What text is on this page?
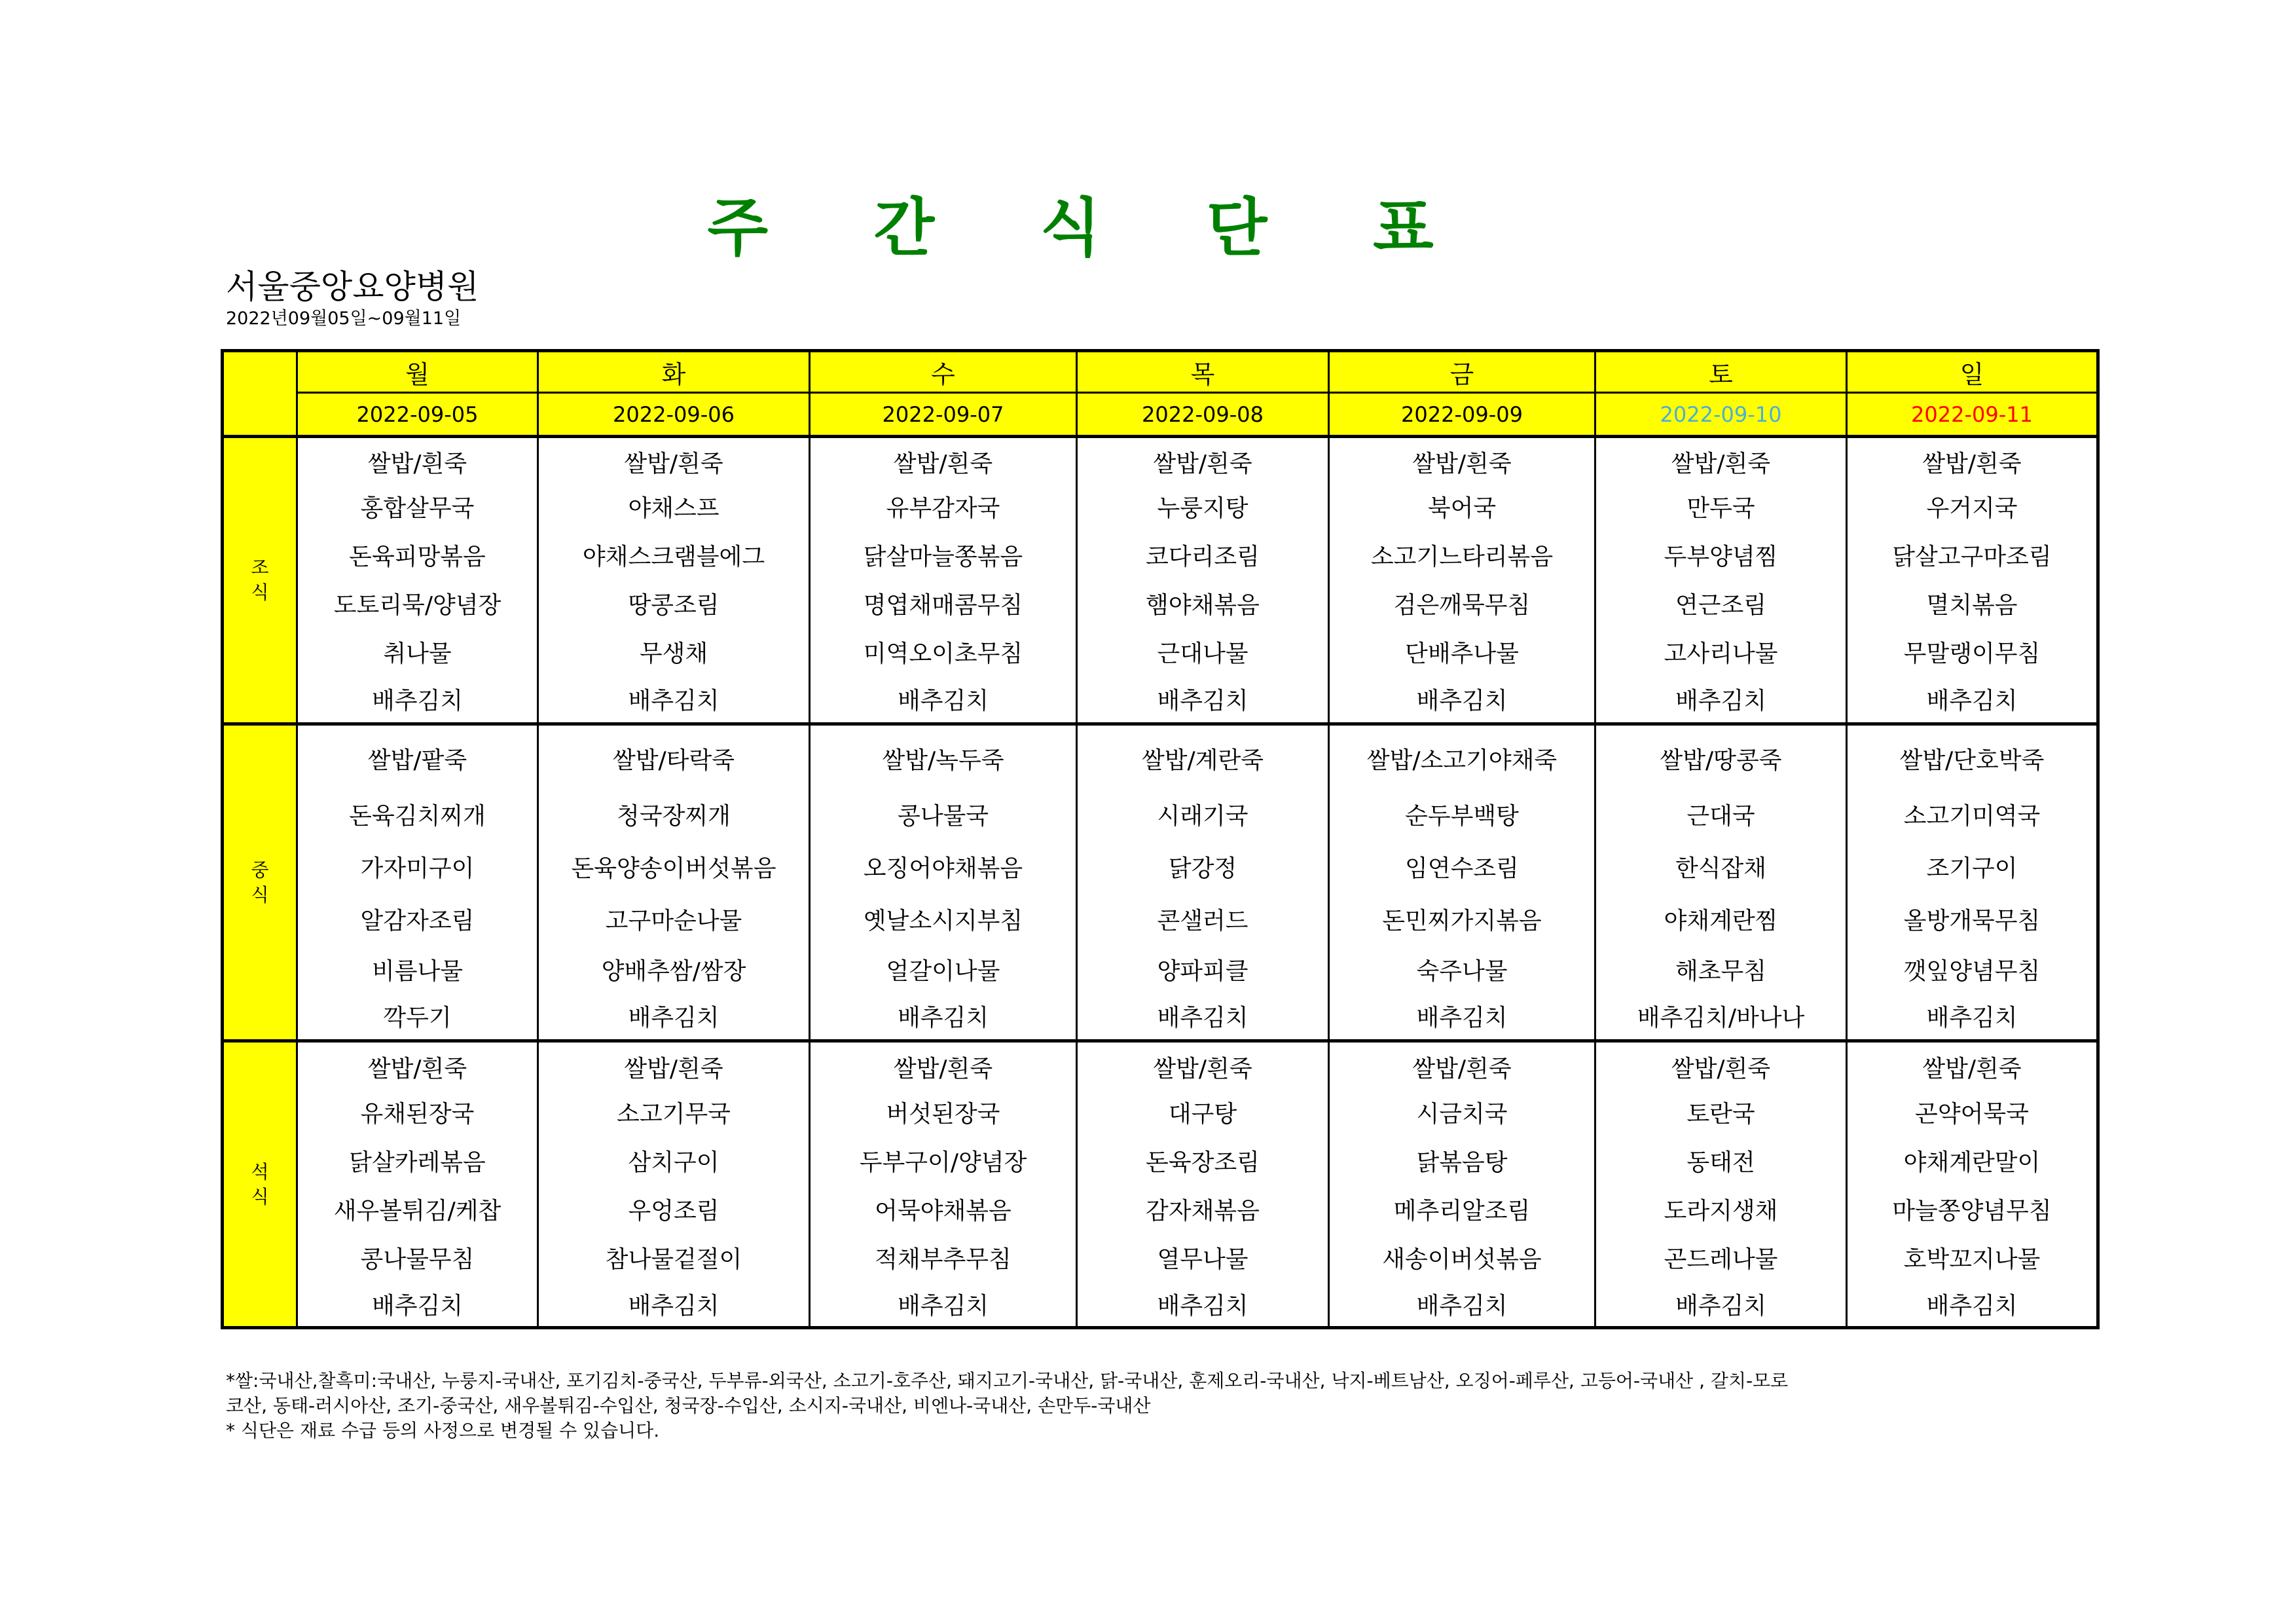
주 간 식 단 표
서울중앙요양병원
2022년09월05일~09월11일
	월	화	수	목	금	토	일
	2022-09-05	2022-09-06	2022-09-07	2022-09-08	2022-09-09	2022-09-10	2022-09-11
조식	쌀밥/흰죽	쌀밥/흰죽	쌀밥/흰죽	쌀밥/흰죽	쌀밥/흰죽	쌀밥/흰죽	쌀밥/흰죽
	홍합살무국	야채스프	유부감자국	누룽지탕	북어국	만두국	우거지국
	돈육피망볶음	야채스크램블에그	닭살마늘쫑볶음	코다리조림	소고기느타리볶음	두부양념찜	닭살고구마조림
	도토리묵/양념장	땅콩조림	명엽채매콤무침	햄야채볶음	검은깨묵무침	연근조림	멸치볶음
	취나물	무생채	미역오이초무침	근대나물	단배추나물	고사리나물	무말랭이무침
	배추김치	배추김치	배추김치	배추김치	배추김치	배추김치	배추김치
중식	쌀밥/팥죽	쌀밥/타락죽	쌀밥/녹두죽	쌀밥/계란죽	쌀밥/소고기야채죽	쌀밥/땅콩죽	쌀밥/단호박죽
	돈육김치찌개	청국장찌개	콩나물국	시래기국	순두부백탕	근대국	소고기미역국
	가자미구이	돈육양송이버섯볶음	오징어야채볶음	닭강정	임연수조림	한식잡채	조기구이
	알감자조림	고구마순나물	옛날소시지부침	콘샐러드	돈민찌가지볶음	야채계란찜	올방개묵무침
	비름나물	양배추쌈/쌈장	얼갈이나물	양파피클	숙주나물	해초무침	깻잎양념무침
	깍두기	배추김치	배추김치	배추김치	배추김치	배추김치/바나나	배추김치
석식	쌀밥/흰죽	쌀밥/흰죽	쌀밥/흰죽	쌀밥/흰죽	쌀밥/흰죽	쌀밥/흰죽	쌀밥/흰죽
	유채된장국	소고기무국	버섯된장국	대구탕	시금치국	토란국	곤약어묵국
	닭살카레볶음	삼치구이	두부구이/양념장	돈육장조림	닭볶음탕	동태전	야채계란말이
	새우볼튀김/케찹	우엉조림	어묵야채볶음	감자채볶음	메추리알조림	도라지생채	마늘쫑양념무침
	콩나물무침	참나물겉절이	적채부추무침	열무나물	새송이버섯볶음	곤드레나물	호박꼬지나물
	배추김치	배추김치	배추김치	배추김치	배추김치	배추김치	배추김치
*쌀:국내산,찰흑미:국내산, 누룽지-국내산, 포기김치-중국산, 두부류-외국산, 소고기-호주산, 돼지고기-국내산, 닭-국내산, 훈제오리-국내산, 낙지-베트남산, 오징어-페루산, 고등어-국내산 , 갈치-모로
코산, 동태-러시아산, 조기-중국산, 새우볼튀김-수입산, 청국장-수입산, 소시지-국내산, 비엔나-국내산, 손만두-국내산
* 식단은 재료 수급 등의 사정으로 변경될 수 있습니다.
